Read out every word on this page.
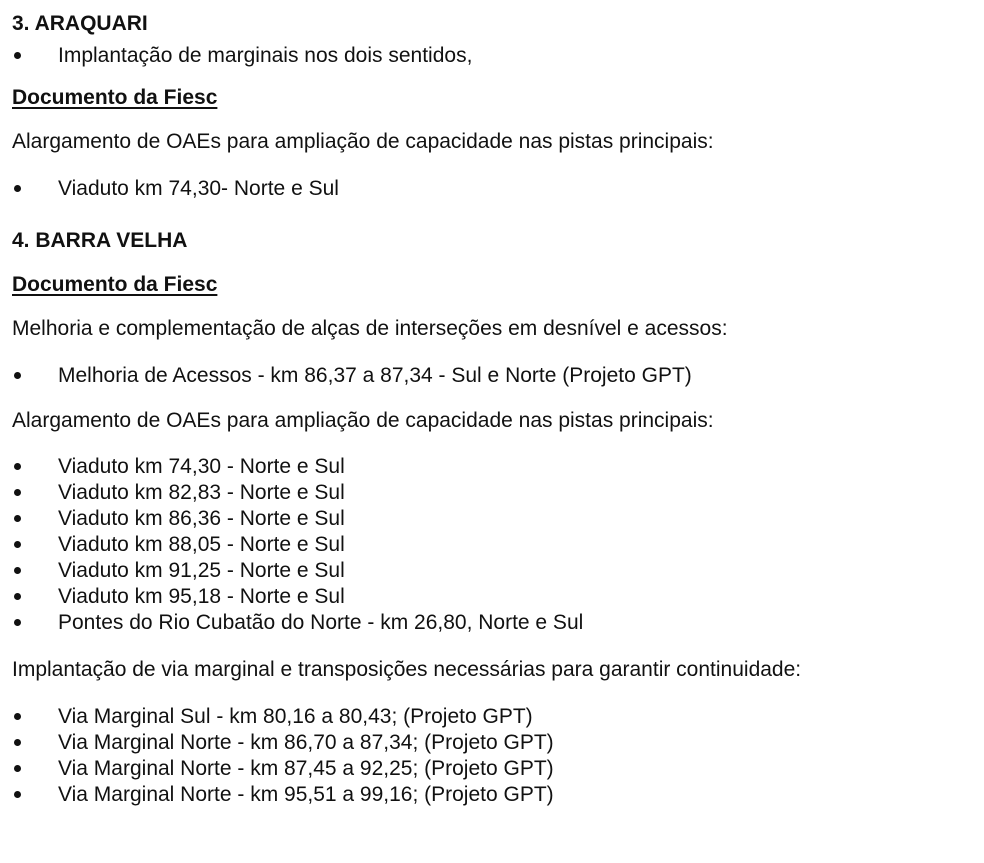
3. ARAQUARI
Implantação de marginais nos dois sentidos,
Documento da Fiesc
Alargamento de OAEs para ampliação de capacidade nas pistas principais:
Viaduto km 74,30- Norte e Sul
4. BARRA VELHA
Documento da Fiesc
Melhoria e complementação de alças de interseções em desnível e acessos:
Melhoria de Acessos - km 86,37 a 87,34 - Sul e Norte (Projeto GPT)
Alargamento de OAEs para ampliação de capacidade nas pistas principais:
Viaduto km 74,30 - Norte e Sul
Viaduto km 82,83 - Norte e Sul
Viaduto km 86,36 - Norte e Sul
Viaduto km 88,05 - Norte e Sul
Viaduto km 91,25 - Norte e Sul
Viaduto km 95,18 - Norte e Sul
Pontes do Rio Cubatão do Norte - km 26,80, Norte e Sul
Implantação de via marginal e transposições necessárias para garantir continuidade:
Via Marginal Sul - km 80,16 a 80,43; (Projeto GPT)
Via Marginal Norte - km 86,70 a 87,34; (Projeto GPT)
Via Marginal Norte - km 87,45 a 92,25; (Projeto GPT)
Via Marginal Norte - km 95,51 a 99,16; (Projeto GPT)
